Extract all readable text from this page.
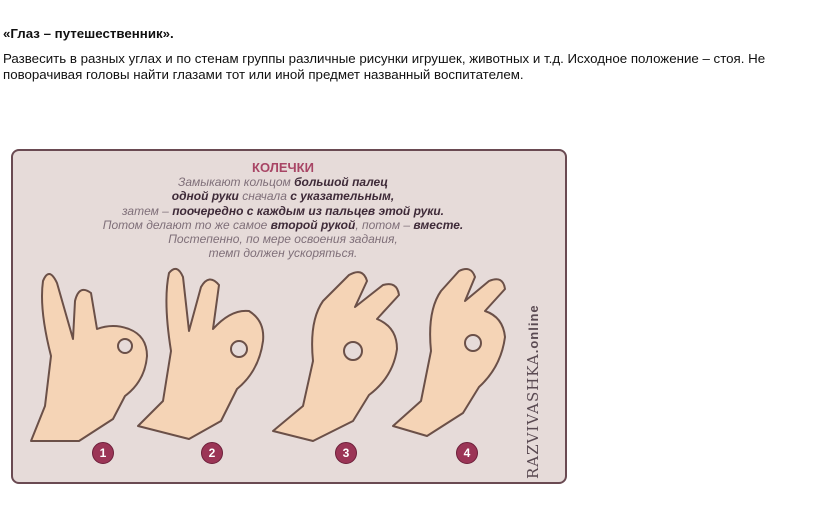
«Глаз – путешественник».

Развесить в разных углах и по стенам группы различные рисунки игрушек, животных и т.д. Исходное положение – стоя. Не поворачивая головы найти глазами тот или иной предмет названный воспитателем.

КОЛЕЧКИ
Замыкают кольцом большой палец
одной руки сначала с указательным,
затем – поочередно с каждым из пальцев этой руки.
Потом делают то же самое второй рукой, потом – вместе.
Постепенно, по мере освоения задания,
темп должен ускоряться.
1	2	3	4	RAZVIVASHKA.online
